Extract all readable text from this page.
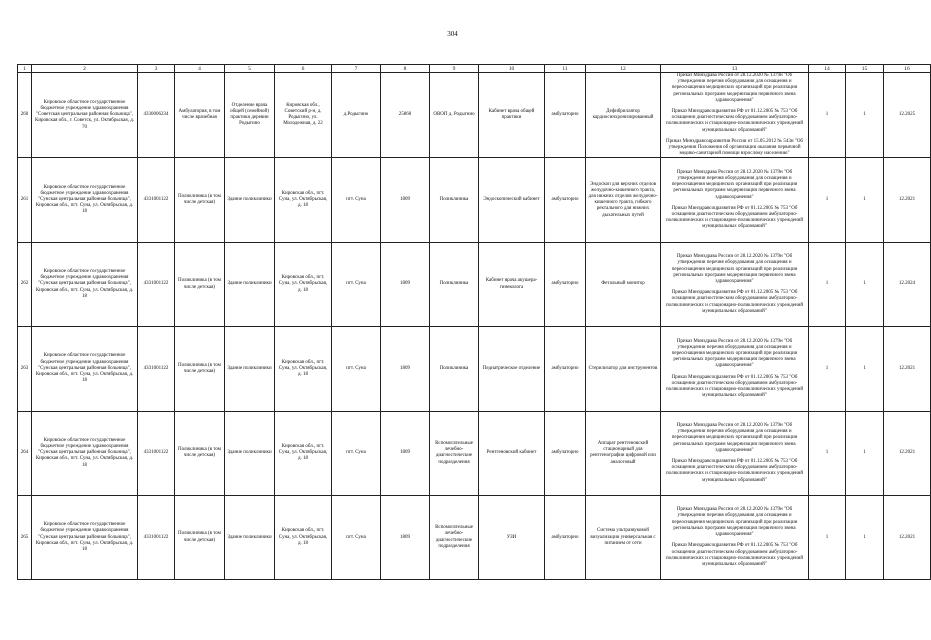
304
1	2	3	4	5	6	7	8	9	10	11	12	13	14	15	16
260	Кировское областное государственное бюджетное учреждение здравоохранения "Советская центральная районная больница", Кировская обл., г. Советск, ул. Октябрьская, д. 70	4330006234	Амбулатория, в том числе врачебная	Отделение врача общей (семейной) практики деревни Родыгино	Кировская обл., Советский р-н, д. Родыгино, ул. Молодежная, д. 22	д.Родыгино	25860	ОВОП д. Родыгино	Кабинет врача общей практики	амбулаторно	Дефибриллятор кардиосинхронизированный	Приказ Минздрава России от 28.12.2020 № 1379н "Об утверждении перечня оборудования для оснащения и переоснащения медицинских организаций при реализации региональных программ модернизации первичного звена здравоохранения"

Приказ Минздравсоцразвития РФ от 01.12.2005 № 753 "Об оснащении диагностическим оборудованием амбулаторно-поликлинических и стационарно-поликлинических учреждений муниципальных образований"

Приказ Минздравсоцразвития России от 15.05.2012 № 543н "Об утверждении Положения об организации оказания первичной медико-санитарной помощи взрослому населению"	1	1	12.2025
261	Кировское областное государственное бюджетное учреждение здравоохранения "Сунская центральная районная больница", Кировская обл., пгт. Суна, ул. Октябрьская, д. 18	4331001122	Поликлиника (в том числе детская)	Здание поликлиники	Кировская обл., пгт. Суна, ул. Октябрьская, д. 18	пгт. Суна	1809	Поликлиника	Эндоскопический кабинет	амбулаторно	Эндоскоп для верхних отделов желудочно-кишечного тракта, для нижних отделов желудочно-кишечного тракта, гибкого ректального для нижних дыхательных путей	Приказ Минздрава России от 28.12.2020 № 1379н "Об утверждении перечня оборудования для оснащения и переоснащения медицинских организаций при реализации региональных программ модернизации первичного звена здравоохранения"

Приказ Минздравсоцразвития РФ от 01.12.2005 № 753 "Об оснащении диагностическим оборудованием амбулаторно-поликлинических и стационарно-поликлинических учреждений муниципальных образований"	1	1	12.2021
262	Кировское областное государственное бюджетное учреждение здравоохранения "Сунская центральная районная больница", Кировская обл., пгт. Суна, ул. Октябрьская, д. 18	4331001122	Поликлиника (в том числе детская)	Здание поликлиники	Кировская обл., пгт. Суна, ул. Октябрьская, д. 18	пгт. Суна	1809	Поликлиника	Кабинет врача акушера-гинеколога	амбулаторно	Фетальный монитор	Приказ Минздрава России от 28.12.2020 № 1379н "Об утверждении перечня оборудования для оснащения и переоснащения медицинских организаций при реализации региональных программ модернизации первичного звена здравоохранения"

Приказ Минздравсоцразвития РФ от 01.12.2005 № 753 "Об оснащении диагностическим оборудованием амбулаторно-поликлинических и стационарно-поликлинических учреждений муниципальных образований"	1	1	12.2024
263	Кировское областное государственное бюджетное учреждение здравоохранения "Сунская центральная районная больница", Кировская обл., пгт. Суна, ул. Октябрьская, д. 18	4331001122	Поликлиника (в том числе детская)	Здание поликлиники	Кировская обл., пгт. Суна, ул. Октябрьская, д. 18	пгт. Суна	1809	Поликлиника	Педиатрическое отделение	амбулаторно	Стерилизатор для инструментов	Приказ Минздрава России от 28.12.2020 № 1379н "Об утверждении перечня оборудования для оснащения и переоснащения медицинских организаций при реализации региональных программ модернизации первичного звена здравоохранения"

Приказ Минздравсоцразвития РФ от 01.12.2005 № 753 "Об оснащении диагностическим оборудованием амбулаторно-поликлинических и стационарно-поликлинических учреждений муниципальных образований"	1	1	12.2021
264	Кировское областное государственное бюджетное учреждение здравоохранения "Сунская центральная районная больница", Кировская обл., пгт. Суна, ул. Октябрьская, д. 18	4331001122	Поликлиника (в том числе детская)	Здание поликлиники	Кировская обл., пгт. Суна, ул. Октябрьская, д. 18	пгт. Суна	1809	Вспомогательные лечебно-диагностические подразделения	Рентгеновский кабинет	амбулаторно	Аппарат рентгеновский стационарный для рентгенографии цифровой или аналоговый	Приказ Минздрава России от 28.12.2020 № 1379н "Об утверждении перечня оборудования для оснащения и переоснащения медицинских организаций при реализации региональных программ модернизации первичного звена здравоохранения"

Приказ Минздравсоцразвития РФ от 01.12.2005 № 753 "Об оснащении диагностическим оборудованием амбулаторно-поликлинических и стационарно-поликлинических учреждений муниципальных образований"	1	1	12.2021
265	Кировское областное государственное бюджетное учреждение здравоохранения "Сунская центральная районная больница", Кировская обл., пгт. Суна, ул. Октябрьская, д. 18	4331001122	Поликлиника (в том числе детская)	Здание поликлиники	Кировская обл., пгт. Суна, ул. Октябрьская, д. 18	пгт. Суна	1809	Вспомогательные лечебно-диагностические подразделения	УЗИ	амбулаторно	Система ультразвуковой визуализации универсальная с питанием от сети	Приказ Минздрава России от 28.12.2020 № 1379н "Об утверждении перечня оборудования для оснащения и переоснащения медицинских организаций при реализации региональных программ модернизации первичного звена здравоохранения"

Приказ Минздравсоцразвития РФ от 01.12.2005 № 753 "Об оснащении диагностическим оборудованием амбулаторно-поликлинических и стационарно-поликлинических учреждений муниципальных образований"	1	1	12.2021
